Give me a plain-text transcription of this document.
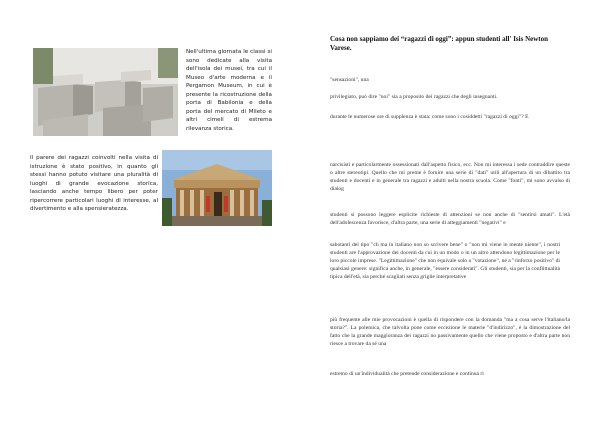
Nell'ultima giornata le classi si sono dedicate alla visita dell'isola dei musei, tra cui il Museo d'arte moderna e il Pergamon Museum, in cui è presente la ricostruzione della porta di Babilonia e della porta del mercato di Mileto e altri cimeli di estrema rilevanza storica.

Il parere dei ragazzi coinvolti nella visita di istruzione è stato positivo, in quanto gli stessi hanno potuto visitare una pluralità di luoghi di grande evocazione storica, lasciando anche tempo libero per poter ripercorrere particolari luoghi di interesse, al divertimento e alla spensieratezza.

Cosa non sappiamo dei “ragazzi di oggi”: appun studenti all' Isis Newton Varese.

"sensazioni", una

privilegiato, può dire "noi" sia a proposito dei ragazzi che degli insegnanti.

durante le numerose ore di supplenza è stata: come sono i cosiddetti "ragazzi di oggi"? E

narcisisti e particolarmente ossessionati dall'aspetto fisico, ecc. Non mi interessa i sede contraddire queste o altre stereotipi. Quello che mi preme è fornire una serie di "dati" utili all'apertura di un dibattito tra studenti e docenti e in generale tra ragazzi e adulti nella nostra scuola. Come "fonti", mi sono avvalso di dialog

studenti si possono leggere esplicite richieste di attenzioni se non anche di "sentirsi amati". L'età dell'adolescenza favorisce, d'altra parte, una serie di atteggiamenti "negativi" e

sabotanti del tipo "ch ma in italiano non so scrivere bene" o "non mi viene in mente niente", i nostri studenti are l'approvazione dei docenti da cui in un modo o in un altro attendono legittimazione per le loro piccole imprese. "Legittimazione" che non equivale solo a "votazione", né a "rinforzo positivo" di qualsiasi genere: significa anche, in generale, "essere considerati". Gli studenti, sia per la conflittualità tipica dell'età, sia perché scagliati senza griglie interpretative

più frequente alle mie provocazioni è quella di rispondere con la domanda "ma a cosa serve l'italiano/la storia?". La polemica, che talvolta pone come eccezione le materie "d'indirizzo", è la dimostrazione del fatto che la grande maggioranza dei ragazzi no passivamente quello che viene proposto e d'altra parte non riesce a trovare da sé una

estremo di un'individualità che pretende considerazione e continua ri
